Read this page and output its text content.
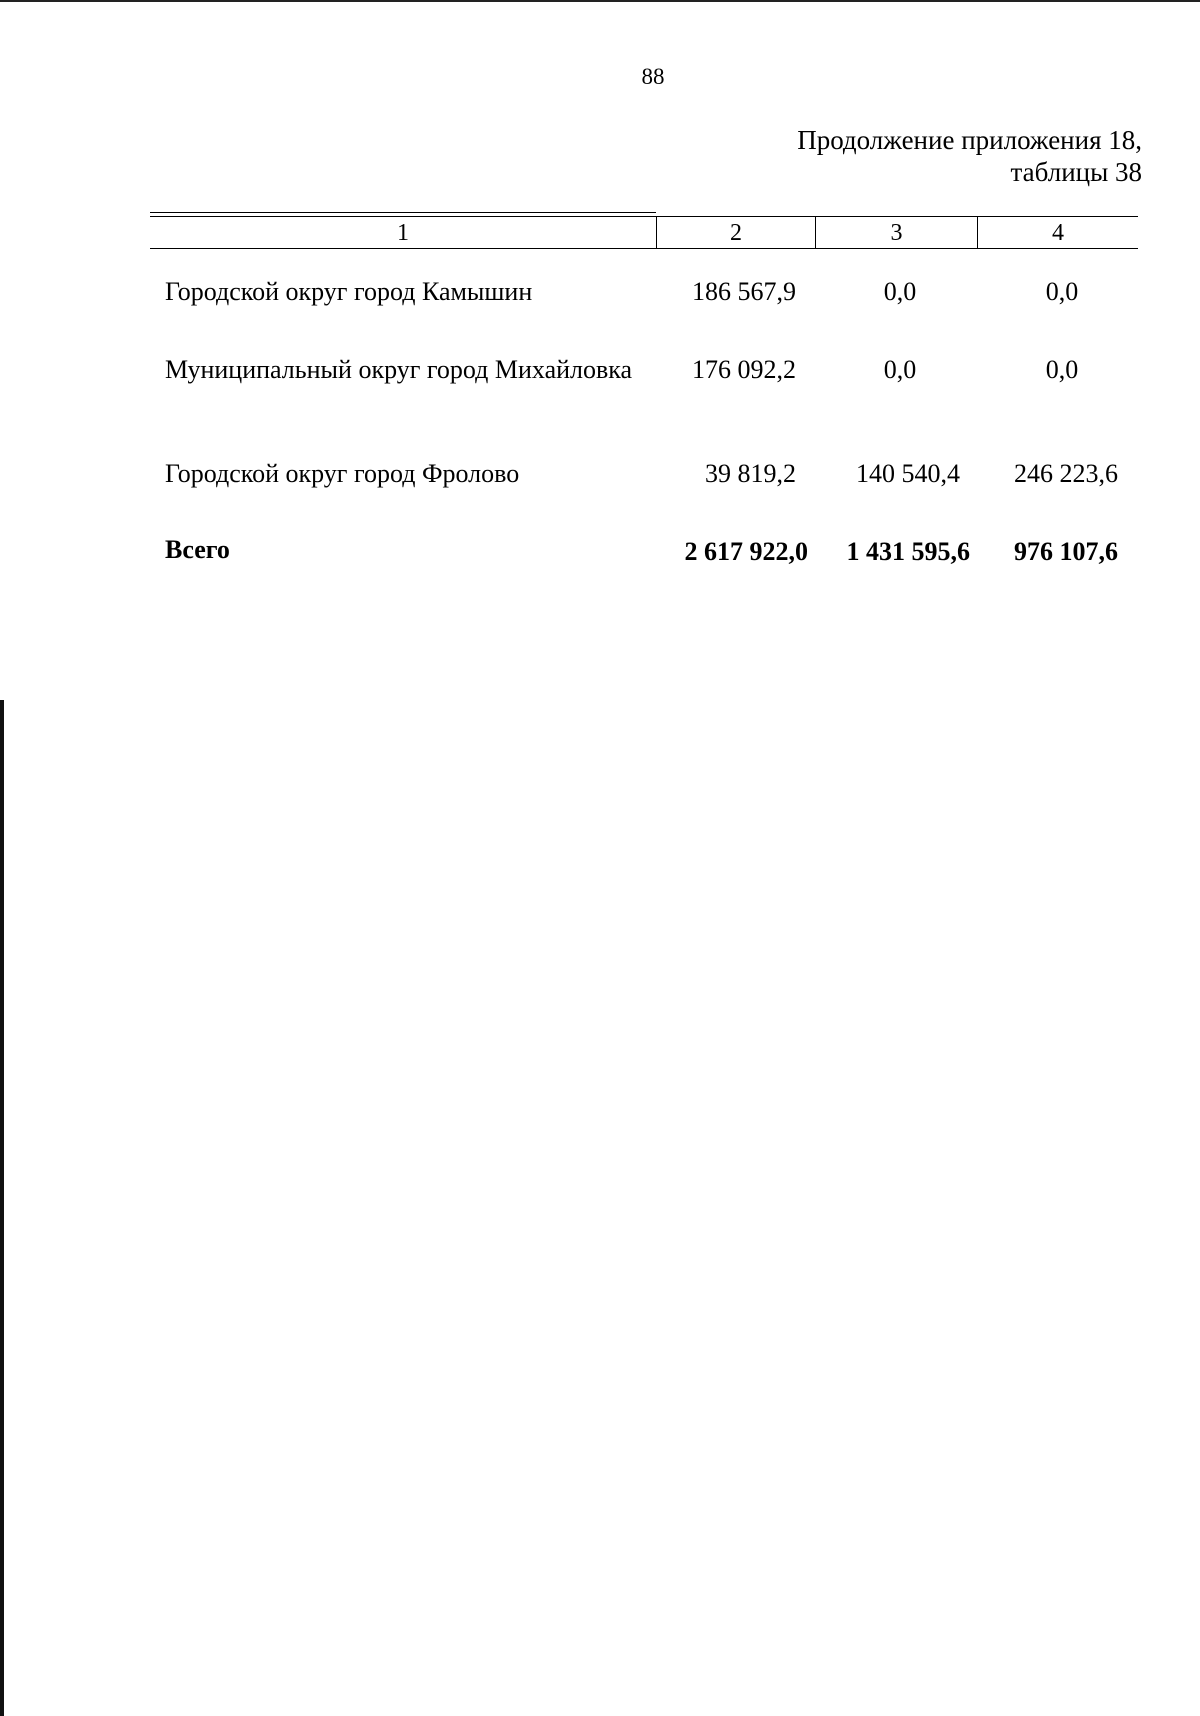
88
Продолжение приложения 18,
таблицы 38
1	2	3	4
Городской округ город Камышин	186 567,9	0,0	0,0
Муниципальный округ город Михайловка	176 092,2	0,0	0,0
Городской округ город Фролово	39 819,2	140 540,4	246 223,6
Всего	2 617 922,0	1 431 595,6	976 107,6
